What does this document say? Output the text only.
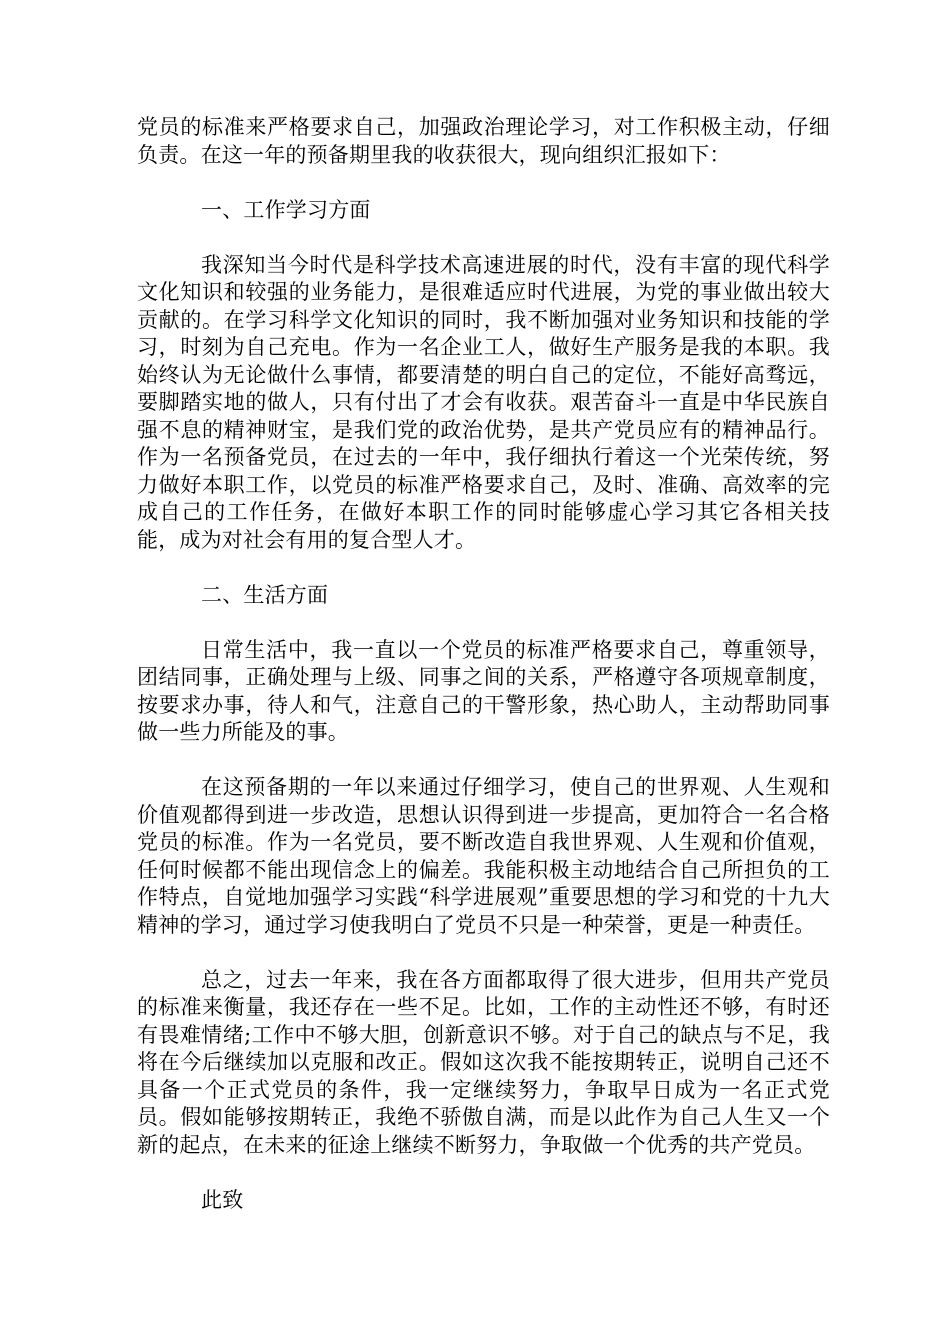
党员的标准来严格要求自己，加强政治理论学习，对工作积极主动，仔细负责。在这一年的预备期里我的收获很大，现向组织汇报如下：

一、工作学习方面

我深知当今时代是科学技术高速进展的时代，没有丰富的现代科学文化知识和较强的业务能力，是很难适应时代进展，为党的事业做出较大贡献的。在学习科学文化知识的同时，我不断加强对业务知识和技能的学习，时刻为自己充电。作为一名企业工人，做好生产服务是我的本职。我始终认为无论做什么事情，都要清楚的明白自己的定位，不能好高骛远，要脚踏实地的做人，只有付出了才会有收获。艰苦奋斗一直是中华民族自强不息的精神财宝，是我们党的政治优势，是共产党员应有的精神品行。作为一名预备党员，在过去的一年中，我仔细执行着这一个光荣传统，努力做好本职工作，以党员的标准严格要求自己，及时、准确、高效率的完成自己的工作任务，在做好本职工作的同时能够虚心学习其它各相关技能，成为对社会有用的复合型人才。

二、生活方面

日常生活中，我一直以一个党员的标准严格要求自己，尊重领导，团结同事，正确处理与上级、同事之间的关系，严格遵守各项规章制度，按要求办事，待人和气，注意自己的干警形象，热心助人，主动帮助同事做一些力所能及的事。

在这预备期的一年以来通过仔细学习，使自己的世界观、人生观和价值观都得到进一步改造，思想认识得到进一步提高，更加符合一名合格党员的标准。作为一名党员，要不断改造自我世界观、人生观和价值观，任何时候都不能出现信念上的偏差。我能积极主动地结合自己所担负的工作特点，自觉地加强学习实践“科学进展观”重要思想的学习和党的十九大精神的学习，通过学习使我明白了党员不只是一种荣誉，更是一种责任。

总之，过去一年来，我在各方面都取得了很大进步，但用共产党员的标准来衡量，我还存在一些不足。比如，工作的主动性还不够，有时还有畏难情绪;工作中不够大胆，创新意识不够。对于自己的缺点与不足，我将在今后继续加以克服和改正。假如这次我不能按期转正，说明自己还不具备一个正式党员的条件，我一定继续努力，争取早日成为一名正式党员。假如能够按期转正，我绝不骄傲自满，而是以此作为自己人生又一个新的起点，在未来的征途上继续不断努力，争取做一个优秀的共产党员。

此致
